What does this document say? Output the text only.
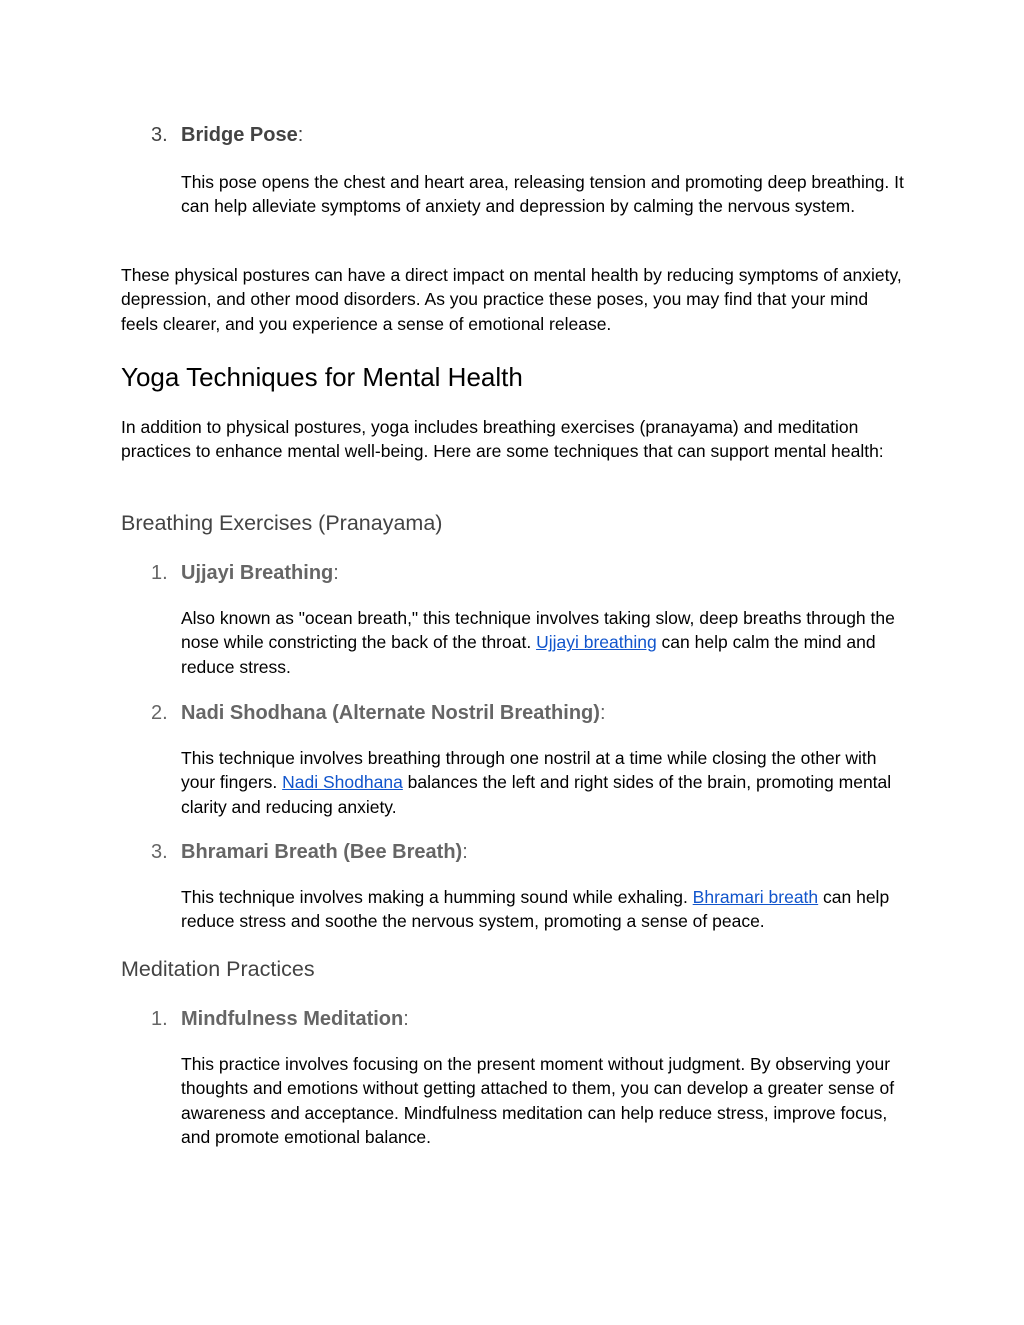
3. Bridge Pose:
This pose opens the chest and heart area, releasing tension and promoting deep breathing. It can help alleviate symptoms of anxiety and depression by calming the nervous system.
These physical postures can have a direct impact on mental health by reducing symptoms of anxiety, depression, and other mood disorders. As you practice these poses, you may find that your mind feels clearer, and you experience a sense of emotional release.
Yoga Techniques for Mental Health
In addition to physical postures, yoga includes breathing exercises (pranayama) and meditation practices to enhance mental well-being. Here are some techniques that can support mental health:
Breathing Exercises (Pranayama)
1. Ujjayi Breathing:
Also known as "ocean breath," this technique involves taking slow, deep breaths through the nose while constricting the back of the throat. Ujjayi breathing can help calm the mind and reduce stress.
2. Nadi Shodhana (Alternate Nostril Breathing):
This technique involves breathing through one nostril at a time while closing the other with your fingers. Nadi Shodhana balances the left and right sides of the brain, promoting mental clarity and reducing anxiety.
3. Bhramari Breath (Bee Breath):
This technique involves making a humming sound while exhaling. Bhramari breath can help reduce stress and soothe the nervous system, promoting a sense of peace.
Meditation Practices
1. Mindfulness Meditation:
This practice involves focusing on the present moment without judgment. By observing your thoughts and emotions without getting attached to them, you can develop a greater sense of awareness and acceptance. Mindfulness meditation can help reduce stress, improve focus, and promote emotional balance.
